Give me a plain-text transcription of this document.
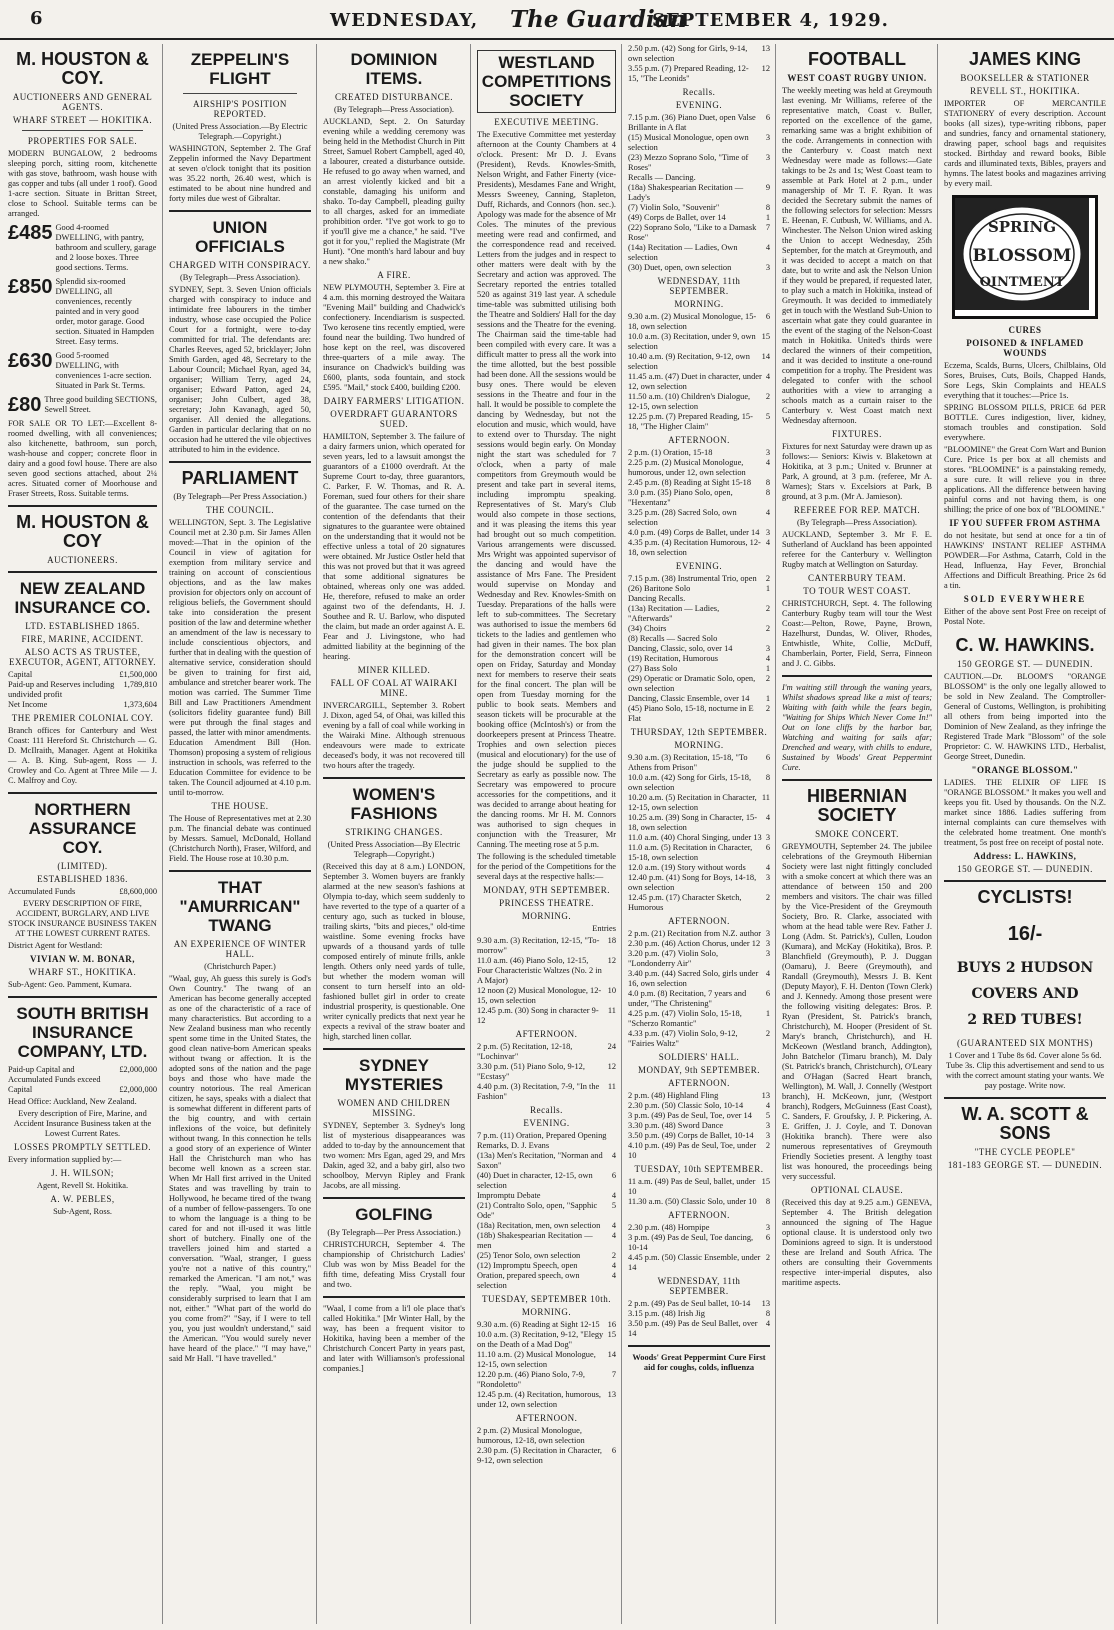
6	WEDNESDAY, The Guardian
SEPTEMBER 4, 1929.
M. HOUSTON & COY.
AUCTIONEERS AND GENERAL AGENTS.
WHARF STREET — HOKITIKA.
PROPERTIES FOR SALE.
MODERN BUNGALOW, 2 bedrooms sleeping porch, sitting room, kitchenette with gas stove, bathroom, wash house with gas copper and tubs (all under 1 roof). Good 1-acre section. Situate in Brittan Street, close to School. Suitable terms can be arranged.
£485 Good 4-roomed DWELLING, with pantry, bathroom and scullery, garage and 2 loose boxes. Three good sections. Terms.
£850 Splendid six-roomed DWELLING, all conveniences, recently painted and in very good order, motor garage. Good section. Situated in Hampden Street. Easy terms.
£630 Good 5-roomed DWELLING, with conveniences 1-acre section. Situated in Park St. Terms.
£80 Three good building SECTIONS, Sewell Street.
FOR SALE OR TO LET:—Excellent 8-roomed dwelling, with all conveniences; also kitchenette, bathroom, sun porch, wash-house and copper; concrete floor in dairy and a good fowl house. There are also seven good sections attached, about 2¼ acres. Situated corner of Moorhouse and Fraser Streets, Ross. Suitable terms.
M. HOUSTON & COY
AUCTIONEERS.
NEW ZEALAND INSURANCE CO.
LTD. ESTABLISHED 1865.
FIRE, MARINE, ACCIDENT.
ALSO ACTS AS TRUSTEE, EXECUTOR, AGENT, ATTORNEY.
Capital	£1,500,000
Paid-up and Reserves including undivided profit
1,789,810
Net Income	1,373,604
THE PREMIER COLONIAL COY.
Branch offices for Canterbury and West Coast: 111 Hereford St. Christchurch — G. D. McIlraith, Manager. Agent at Hokitika — A. B. King. Sub-agent, Ross — J. Crowley and Co. Agent at Three Mile — J. C. Malfroy and Coy.
NORTHERN ASSURANCE COY.
(LIMITED).
ESTABLISHED 1836.
Accumulated Funds	£8,600,000
EVERY DESCRIPTION OF FIRE, ACCIDENT, BURGLARY, AND LIVE STOCK INSURANCE BUSINESS TAKEN AT THE LOWEST CURRENT RATES.
District Agent for Westland:
VIVIAN W. M. BONAR,
WHARF ST., HOKITIKA.
Sub-Agent: Geo. Pamment, Kumara.
SOUTH BRITISH INSURANCE COMPANY, LTD.
Paid-up Capital and Accumulated Funds exceed
£2,000,000
Capital	£2,000,000
Head Office: Auckland, New Zealand.
Every description of Fire, Marine, and Accident Insurance Business taken at the Lowest Current Rates.
LOSSES PROMPTLY SETTLED.
Every information supplied by:—
J. H. WILSON;
Agent, Revell St. Hokitika.
A. W. PEBLES,
Sub-Agent, Ross.
ZEPPELIN'S FLIGHT
AIRSHIP'S POSITION REPORTED.
(United Press Association.—By Electric Telegraph.—Copyright.)
WASHINGTON, September 2. The Graf Zeppelin informed the Navy Department at seven o'clock tonight that its position was 35.22 north, 26.40 west, which is estimated to be about nine hundred and forty miles due west of Gibraltar.
UNION OFFICIALS
CHARGED WITH CONSPIRACY.
(By Telegraph—Press Association).
SYDNEY, Sept. 3. Seven Union officials charged with conspiracy to induce and intimidate free labourers in the timber industry, whose case occupied the Police Court for a fortnight, were to-day committed for trial. The defendants are: Charles Reeves, aged 52, bricklayer; John Smith Garden, aged 48, Secretary to the Labour Council; Michael Ryan, aged 34, organiser; William Terry, aged 24, organiser; Edward Patton, aged 24, organiser; John Culbert, aged 38, secretary; John Kavanagh, aged 50, organiser. All denied the allegations. Garden in particular declaring that on no occasion had he uttered the vile objectives attributed to him in the evidence.
PARLIAMENT
(By Telegraph—Per Press Association.)
THE COUNCIL.
WELLINGTON, Sept. 3. The Legislative Council met at 2.30 p.m. Sir James Allen moved:—That in the opinion of the Council in view of agitation for exemption from military service and training on account of conscientious objections, and as the law makes provision for objectors only on account of religious beliefs, the Government should take into consideration the present position of the law and determine whether an amendment of the law is necessary to include conscientious objectors, and further that in dealing with the question of alternative service, consideration should be given to training for first aid, ambulance and stretcher bearer work. The motion was carried. The Summer Time Bill and Law Practitioners Amendment (solicitors fidelity guarantee fund) Bill were put through the final stages and passed, the latter with minor amendments. Education Amendment Bill (Hon. Thomson) proposing a system of religious instruction in schools, was referred to the Education Committee for evidence to be taken. The Council adjourned at 4.10 p.m. until to-morrow.
THE HOUSE.
The House of Representatives met at 2.30 p.m. The financial debate was continued by Messrs. Samuel, McDonald, Holland (Christchurch North), Fraser, Wilford, and Field. The House rose at 10.30 p.m.
THAT "AMURRICAN" TWANG
AN EXPERIENCE OF WINTER HALL.
(Christchurch Paper.)
"Waal, guy, Ah guess this surely is God's Own Country." The twang of an American has become generally accepted as one of the characteristic of a race of many characteristics. But according to a New Zealand business man who recently spent some time in the United States, the good clean native-born American speaks without twang or affection. It is the adopted sons of the nation and the page boys and those who have made the country notorious. The real American citizen, he says, speaks with a dialect that is somewhat different in different parts of the big country, and with certain inflexions of the voice, but definitely without twang. In this connection he tells a good story of an experience of Winter Hall the Christchurch man who has become well known as a screen star. When Mr Hall first arrived in the United States and was travelling by train to Hollywood, he became tired of the twang of a number of fellow-passengers. To one to whom the language is a thing to be cared for and not ill-used it was little short of butchery. Finally one of the travellers joined him and started a conversation. "Waal, stranger, I guess you're not a native of this country," remarked the American. "I am not," was the reply. "Waal, you might be considerably surprised to learn that I am not, either." "What part of the world do you come from?" "Say, if I were to tell you, you just wouldn't understand," said the American. "You would surely never have heard of the place." "I may have," said Mr Hall. "I have travelled."
DOMINION ITEMS.
CREATED DISTURBANCE.
(By Telegraph—Press Association).
AUCKLAND, Sept. 2. On Saturday evening while a wedding ceremony was being held in the Methodist Church in Pitt Street, Samuel Robert Campbell, aged 40, a labourer, created a disturbance outside. He refused to go away when warned, and an arrest violently kicked and bit a constable, damaging his uniform and shako. To-day Campbell, pleading guilty to all charges, asked for an immediate prohibition order. "I've got work to go to if you'll give me a chance," he said. "I've got it for you," replied the Magistrate (Mr Hunt). "One month's hard labour and buy a new shako."
A FIRE.
NEW PLYMOUTH, September 3. Fire at 4 a.m. this morning destroyed the Waitara "Evening Mail" building and Chadwick's confectionery. Incendiarism is suspected. Two kerosene tins recently emptied, were found near the building. Two hundred of hose kept on the reel, was discovered three-quarters of a mile away. The insurance on Chadwick's building was £600, plants, soda fountain, and stock £595. "Mail," stock £400, building £200.
DAIRY FARMERS' LITIGATION.
OVERDRAFT GUARANTORS SUED.
HAMILTON, September 3. The failure of a dairy farmers union, which operated for seven years, led to a lawsuit amongst the guarantors of a £1000 overdraft. At the Supreme Court to-day, three guarantors, C. Parker, F. W. Thomas, and R. A. Foreman, sued four others for their share of the guarantee. The case turned on the contention of the defendants that their signatures to the guarantee were obtained on the understanding that it would not be effective unless a total of 20 signatures were obtained. Mr Justice Ostler held that this was not proved but that it was agreed that some additional signatures be obtained, whereas only one was added. He, therefore, refused to make an order against two of the defendants, H. J. Southee and R. U. Barlow, who disputed the claim, but made an order against A. E. Fear and J. Livingstone, who had admitted liability at the beginning of the hearing.
MINER KILLED.
FALL OF COAL AT WAIRAKI MINE.
INVERCARGILL, September 3. Robert J. Dixon, aged 54, of Ohai, was killed this evening by a fall of coal while working in the Wairaki Mine. Although strenuous endeavours were made to extricate deceased's body, it was not recovered till two hours after the tragedy.
WOMEN'S FASHIONS
STRIKING CHANGES.
(United Press Association—By Electric Telegraph—Copyright.)
(Received this day at 8 a.m.) LONDON, September 3. Women buyers are frankly alarmed at the new season's fashions at Olympia to-day, which seem suddenly to have reverted to the type of a quarter of a century ago, such as tucked in blouse, trailing skirts, "bits and pieces," old-time waistline. Some evening frocks have upwards of a thousand yards of tulle composed entirely of minute frills, ankle length. Others only need yards of tulle, but whether the modern woman will consent to turn herself into an old-fashioned bullet girl in order to create industrial prosperity, is questionable. One writer cynically predicts that next year he expects a revival of the straw boater and high, starched linen collar.
SYDNEY MYSTERIES
WOMEN AND CHILDREN MISSING.
SYDNEY, September 3. Sydney's long list of mysterious disappearances was added to to-day by the announcement that two women: Mrs Egan, aged 29, and Mrs Dakin, aged 32, and a baby girl, also two schoolboy, Mervyn Ripley and Frank Jacobs, are all missing.
GOLFING
(By Telegraph—Per Press Association.)
CHRISTCHURCH, September 4. The championship of Christchurch Ladies' Club was won by Miss Beadel for the fifth time, defeating Miss Crystall four and two.
"Waal, I come from a li'l ole place that's called Hokitika." [Mr Winter Hall, by the way, has been a frequent visitor to Hokitika, having been a member of the Christchurch Concert Party in years past, and later with Williamson's professional companies.]
WESTLAND COMPETITIONS SOCIETY
EXECUTIVE MEETING.
The Executive Committee met yesterday afternoon at the County Chambers at 4 o'clock. Present: Mr D. J. Evans (President), Revds. Knowles-Smith, Nelson Wright, and Father Finerty (vice-Presidents), Mesdames Fane and Wright, Messrs Sweeney, Canning, Stapleton, Duff, Richards, and Connors (hon. sec.). Apology was made for the absence of Mr Coles. The minutes of the previous meeting were read and confirmed, and the correspondence read and received. Letters from the judges and in respect to other matters were dealt with by the Secretary and action was approved. The Secretary reported the entries totalled 520 as against 319 last year. A schedule time-table was submitted utilising both the Theatre and Soldiers' Hall for the day sessions and the Theatre for the evening. The Chairman said the time-table had been compiled with every care. It was a difficult matter to press all the work into the time allotted, but the best possible had been done. All the sessions would be busy ones. There would be eleven sessions in the Theatre and four in the hall. It would be possible to complete the dancing by Wednesday, but not the elocution and music, which would, have to extend over to Thursday. The night sessions would begin early. On Monday night the start was scheduled for 7 o'clock, when a party of male competitors from Greymouth would be present and take part in several items, including impromptu speaking. Representatives of St. Mary's Club would also compete in those sections, and it was pleasing the items this year had brought out so much competition. Various arrangements were discussed. Mrs Wright was appointed supervisor of the dancing and would have the assistance of Mrs Fane. The President would supervise on Monday and Wednesday and Rev. Knowles-Smith on Tuesday. Preparations of the halls were left to sub-committees. The Secretary was authorised to issue the members 6d tickets to the ladies and gentlemen who had given in their names. The box plan for the demonstration concert will be open on Friday, Saturday and Monday next for members to reserve their seats for the final concert. The plan will be open from Tuesday morning for the public to book seats. Members and season tickets will be procurable at the booking office (McIntosh's) or from the doorkeepers present at Princess Theatre. Trophies and own selection pieces (musical and elocutionary) for the use of the judge should be supplied to the Secretary as early as possible now. The Secretary was empowered to procure accessories for the competitions, and it was decided to arrange about heating for the dancing rooms. Mr H. M. Connors was authorised to sign cheques in conjunction with the Treasurer, Mr Canning. The meeting rose at 5 p.m.
The following is the scheduled timetable for the period of the Competitions for the several days at the respective halls:—
MONDAY, 9TH SEPTEMBER.
PRINCESS THEATRE.
MORNING.
Entries
9.30 a.m. (3) Recitation, 12-15, "To-morrow"
18
11.0 a.m. (46) Piano Solo, 12-15, Four Characteristic Waltzes (No. 2 in A Major)
12
12 noon (2) Musical Monologue, 12-15, own selection
10
12.45 p.m. (30) Song in character 9-12
11
AFTERNOON.
2 p.m. (5) Recitation, 12-18, "Lochinvar"
24
3.30 p.m. (51) Piano Solo, 9-12, "Ecstasy"
12
4.40 p.m. (3) Recitation, 7-9, "In the Fashion"
11
Recalls.
EVENING.
7 p.m. (11) Oration, Prepared Opening Remarks, D. J. Evans
(13a) Men's Recitation, "Norman and Saxon"
4
(40) Duet in character, 12-15, own selection
6
Impromptu Debate	4
(21) Contralto Solo, open, "Sapphic Ode"
5
(18a) Recitation, men, own selection 4
(18b) Shakespearian Recitation — men
4
(25) Tenor Solo, own selection	2
(12) Impromptu Speech, open	4
Oration, prepared speech, own selection
4
TUESDAY, SEPTEMBER 10th.
MORNING.
9.30 a.m. (6) Reading at Sight 12-15 16
10.0 a.m. (3) Recitation, 9-12, "Elegy on the Death of a Mad Dog"
15
11.10 a.m. (2) Musical Monologue, 12-15, own selection
14
12.20 p.m. (46) Piano Solo, 7-9, "Rondoletto"
7
12.45 p.m. (4) Recitation, humorous, under 12, own selection
13
AFTERNOON.
2 p.m. (2) Musical Monologue, humorous, 12-18, own selection
2.30 p.m. (5) Recitation in Character, 9-12, own selection
6
2.50 p.m. (42) Song for Girls, 9-14, own selection
13
3.55 p.m. (7) Prepared Reading, 12-15, "The Leonids"
12
Recalls.
EVENING.
7.15 p.m. (36) Piano Duet, open Valse Brillante in A flat
6
(15) Musical Monologue, open own selection
3
(23) Mezzo Soprano Solo, "Time of Roses"
3
Recalls — Dancing.
(18a) Shakespearian Recitation — Lady's
9
(7) Violin Solo, "Souvenir"	8
(49) Corps de Ballet, over 14	1
(22) Soprano Solo, "Like to a Damask Rose"
7
(14a) Recitation — Ladies, Own selection
4
(30) Duet, open, own selection	3
WEDNESDAY, 11th SEPTEMBER.
MORNING.
9.30 a.m. (2) Musical Monologue, 15-18, own selection
6
10.0 a.m. (3) Recitation, under 9, own selection
15
10.40 a.m. (9) Recitation, 9-12, own selection
14
11.45 a.m. (47) Duet in character, under 12, own selection
4
11.50 a.m. (10) Children's Dialogue, 12-15, own selection
2
12.25 p.m. (7) Prepared Reading, 15-18, "The Higher Claim"
5
AFTERNOON.
2 p.m. (1) Oration, 15-18	3
2.25 p.m. (2) Musical Monologue, humorous, under 12, own selection
4
2.45 p.m. (8) Reading at Sight 15-18 8
3.0 p.m. (35) Piano Solo, open, "Hexentanz"
8
3.25 p.m. (28) Sacred Solo, own selection
4
4.0 p.m. (49) Corps de Ballet, under 14 3
4.35 p.m. (4) Recitation Humorous, 12-18, own selection
4
EVENING.
7.15 p.m. (38) Instrumental Trio, open 2
(26) Baritone Solo	1
Dancing Recalls.
(13a) Recitation — Ladies, "Afterwards"
2
(34) Choirs	2
(8) Recalls — Sacred Solo
Dancing, Classic, solo, over 14	3
(19) Recitation, Humorous	4
(27) Bass Solo	1
(29) Operatic or Dramatic Solo, open, own selection
2
Dancing, Classic Ensemble, over 14 1
(45) Piano Solo, 15-18, nocturne in E Flat
2
THURSDAY, 12th SEPTEMBER.
MORNING.
9.30 a.m. (3) Recitation, 15-18, "To Athens from Prison"
6
10.0 a.m. (42) Song for Girls, 15-18, own selection
8
10.20 a.m. (5) Recitation in Character, 12-15, own selection
11
10.25 a.m. (39) Song in Character, 15-18, own selection
4
11.0 a.m. (40) Choral Singing, under 13 3
11.0 a.m. (5) Recitation in Character, 15-18, own selection
6
12.0 a.m. (19) Story without words 4
12.40 p.m. (41) Song for Boys, 14-18, own selection
3
12.45 p.m. (17) Character Sketch, Humorous
2
AFTERNOON.
2 p.m. (21) Recitation from N.Z. author 3
2.30 p.m. (46) Action Chorus, under 12 3
3.20 p.m. (47) Violin Solo, "Londonderry Air"
3
3.40 p.m. (44) Sacred Solo, girls under 16, own selection
4
4.0 p.m. (8) Recitation, 7 years and under, "The Christening"
6
4.25 p.m. (47) Violin Solo, 15-18, "Scherzo Romantic"
1
4.33 p.m. (47) Violin Solo, 9-12, "Fairies Waltz"
2
SOLDIERS' HALL.
MONDAY, 9th SEPTEMBER.
AFTERNOON.
2 p.m. (48) Highland Fling	13
2.30 p.m. (50) Classic Solo, 10-14	4
3 p.m. (49) Pas de Seul, Toe, over 14 5
3.30 p.m. (48) Sword Dance	3
3.50 p.m. (49) Corps de Ballet, 10-14 3
4.10 p.m. (49) Pas de Seul, Toe, under 10
2
TUESDAY, 10th SEPTEMBER.
11 a.m. (49) Pas de Seul, ballet, under 10
15
11.30 a.m. (50) Classic Solo, under 10 8
AFTERNOON.
2.30 p.m. (48) Hornpipe	3
3 p.m. (49) Pas de Seul, Toe dancing, 10-14
6
4.45 p.m. (50) Classic Ensemble, under 14
2
WEDNESDAY, 11th SEPTEMBER.
2 p.m. (49) Pas de Seul ballet, 10-14 13
3.15 p.m. (48) Irish Jig	8
3.50 p.m. (49) Pas de Seul Ballet, over 14
4
Woods' Great Peppermint Cure First aid for coughs, colds, influenza
FOOTBALL
WEST COAST RUGBY UNION.
The weekly meeting was held at Greymouth last evening. Mr Williams, referee of the representative match, Coast v. Buller, reported on the excellence of the game, remarking same was a bright exhibition of the code. Arrangements in connection with the Canterbury v. Coast match next Wednesday were made as follows:—Gate takings to be 2s and 1s; West Coast team to assemble at Park Hotel at 2 p.m., under managership of Mr T. F. Ryan. It was decided the Secretary submit the names of the following selectors for selection: Messrs E. Heenan, F. Cutbush, W. Williams, and A. Winchester. The Nelson Union wired asking the Union to accept Wednesday, 25th September, for the match at Greymouth, and it was decided to accept a match on that date, but to write and ask the Nelson Union if they would be prepared, if requested later, to play such a match in Hokitika, instead of Greymouth. It was decided to immediately get in touch with the Westland Sub-Union to ascertain what gate they could guarantee in the event of the staging of the Nelson-Coast match in Hokitika. United's thirds were declared the winners of their competition, and it was decided to institute a one-round competition for a trophy. The President was delegated to confer with the school authorities with a view to arranging a schools match as a curtain raiser to the Canterbury v. West Coast match next Wednesday afternoon.
FIXTURES.
Fixtures for next Saturday were drawn up as follows:— Seniors: Kiwis v. Blaketown at Hokitika, at 3 p.m.; United v. Brunner at Park, A ground, at 3 p.m. (referee, Mr A. Warnes); Stars v. Excelsiors at Park, B ground, at 3 p.m. (Mr A. Jamieson).
REFEREE FOR REP. MATCH.
(By Telegraph—Press Association).
AUCKLAND, September 3. Mr F. E. Sutherland of Auckland has been appointed referee for the Canterbury v. Wellington Rugby match at Wellington on Saturday.
CANTERBURY TEAM.
TO TOUR WEST COAST.
CHRISTCHURCH, Sept. 4. The following Canterbury Rugby team will tour the West Coast:—Pelton, Rowe, Payne, Brown, Hazelhurst, Dundas, W. Oliver, Rhodes, Entwhistle, White, Collie, McDuff, Chamberlain, Porter, Field, Serra, Finneon and J. C. Gibbs.
I'm waiting still through the waning years, Whilst shadows spread like a mist of tears; Waiting with faith while the fears begin, "Waiting for Ships Which Never Come In!" Out on lone cliffs by the harbor bar, Watching and waiting for sails afar; Drenched and weary, with chills to endure, Sustained by Woods' Great Peppermint Cure.
HIBERNIAN SOCIETY
SMOKE CONCERT.
GREYMOUTH, September 24. The jubilee celebrations of the Greymouth Hibernian Society were last night fittingly concluded with a smoke concert at which there was an attendance of between 150 and 200 members and visitors. The chair was filled by the Vice-President of the Greymouth Society, Bro. R. Clarke, associated with whom at the head table were Rev. Father J. Long (Adm. St. Patrick's), Cullen, Loudon (Kumara), and McKay (Hokitika), Bros. P. Blanchfield (Greymouth), P. J. Duggan (Oamaru), J. Beere (Greymouth), and Randall (Greymouth), Messrs J. B. Kent (Deputy Mayor), F. H. Denton (Town Clerk) and J. Kennedy. Among those present were the following visiting delegates: Bros. P. Ryan (President, St. Patrick's branch, Christchurch), M. Hooper (President of St. Mary's branch, Christchurch), and H. McKeown (Westland branch, Addington), John Batchelor (Timaru branch), M. Daly (St. Patrick's branch, Christchurch), O'Leary and O'Hagan (Sacred Heart branch, Wellington), M. Wall, J. Connelly (Westport branch), H. McKeown, junr, (Westport branch), Rodgers, McGuinness (East Coast), C. Sanders, F. Groufsky, J. P. Pickering, A. E. Griffen, J. J. Coyle, and T. Donovan (Hokitika branch). There were also numerous representatives of Greymouth Friendly Societies present. A lengthy toast list was honoured, the proceedings being very successful.
OPTIONAL CLAUSE.
(Received this day at 9.25 a.m.) GENEVA, September 4. The British delegation announced the signing of The Hague optional clause. It is understood only two Dominions agreed to sign. It is understood these are Ireland and South Africa. The others are consulting their Governments respective inter-imperial disputes, also maritime aspects.
JAMES KING
BOOKSELLER & STATIONER
REVELL ST., HOKITIKA.
IMPORTER OF MERCANTILE STATIONERY of every description. Account books (all sizes), type-writing ribbons, paper and sundries, fancy and ornamental stationery, drawing paper, school bags and requisites stocked. Birthday and reward books, Bible cards and illuminated texts, Bibles, prayers and hymns. The latest books and magazines arriving by every mail.
SPRING
BLOSSOM
OINTMENT
CURES
POISONED & INFLAMED WOUNDS
Eczema, Scalds, Burns, Ulcers, Chilblains, Old Sores, Bruises, Cuts, Boils, Chapped Hands, Sore Legs, Skin Complaints and HEALS everything that it touches:—Price 1s.
SPRING BLOSSOM PILLS, PRICE 6d PER BOTTLE. Cures indigestion, liver, kidney, stomach troubles and constipation. Sold everywhere.
"BLOOMINE" the Great Corn Wart and Bunion Cure. Price 1s per box at all chemists and stores. "BLOOMINE" is a painstaking remedy, a sure cure. It will relieve you in three applications. All the difference between having painful corns and not having them, is one shilling; the price of one box of "BLOOMINE."
IF YOU SUFFER FROM ASTHMA
do not hesitate, but send at once for a tin of HAWKINS' INSTANT RELIEF ASTHMA POWDER—For Asthma, Catarrh, Cold in the Head, Influenza, Hay Fever, Bronchial Affections and Difficult Breathing. Price 2s 6d a tin.
SOLD EVERYWHERE
Either of the above sent Post Free on receipt of Postal Note.
C. W. HAWKINS.
150 GEORGE ST. — DUNEDIN.
CAUTION.—Dr. BLOOM'S "ORANGE BLOSSOM" is the only one legally allowed to be sold in New Zealand. The Comptroller-General of Customs, Wellington, is prohibiting all others from being imported into the Dominion of New Zealand, as they infringe the Registered Trade Mark "Blossom" of the sole Proprietor: C. W. HAWKINS LTD., Herbalist, George Street, Dunedin.
"ORANGE BLOSSOM."
LADIES. THE ELIXIR OF LIFE IS "ORANGE BLOSSOM." It makes you well and keeps you fit. Used by thousands. On the N.Z. market since 1886. Ladies suffering from internal complaints can cure themselves with the celebrated home treatment. One month's treatment, 5s post free on receipt of postal note.
Address: L. HAWKINS,
150 GEORGE ST. — DUNEDIN.
CYCLISTS!
16/-
BUYS 2 HUDSON
COVERS AND
2 RED TUBES!
(GUARANTEED SIX MONTHS)
1 Cover and 1 Tube 8s 6d. Cover alone 5s 6d. Tube 3s. Clip this advertisement and send to us with the correct amount stating your wants. We pay postage. Write now.
W. A. SCOTT & SONS
"THE CYCLE PEOPLE"
181-183 GEORGE ST. — DUNEDIN.
